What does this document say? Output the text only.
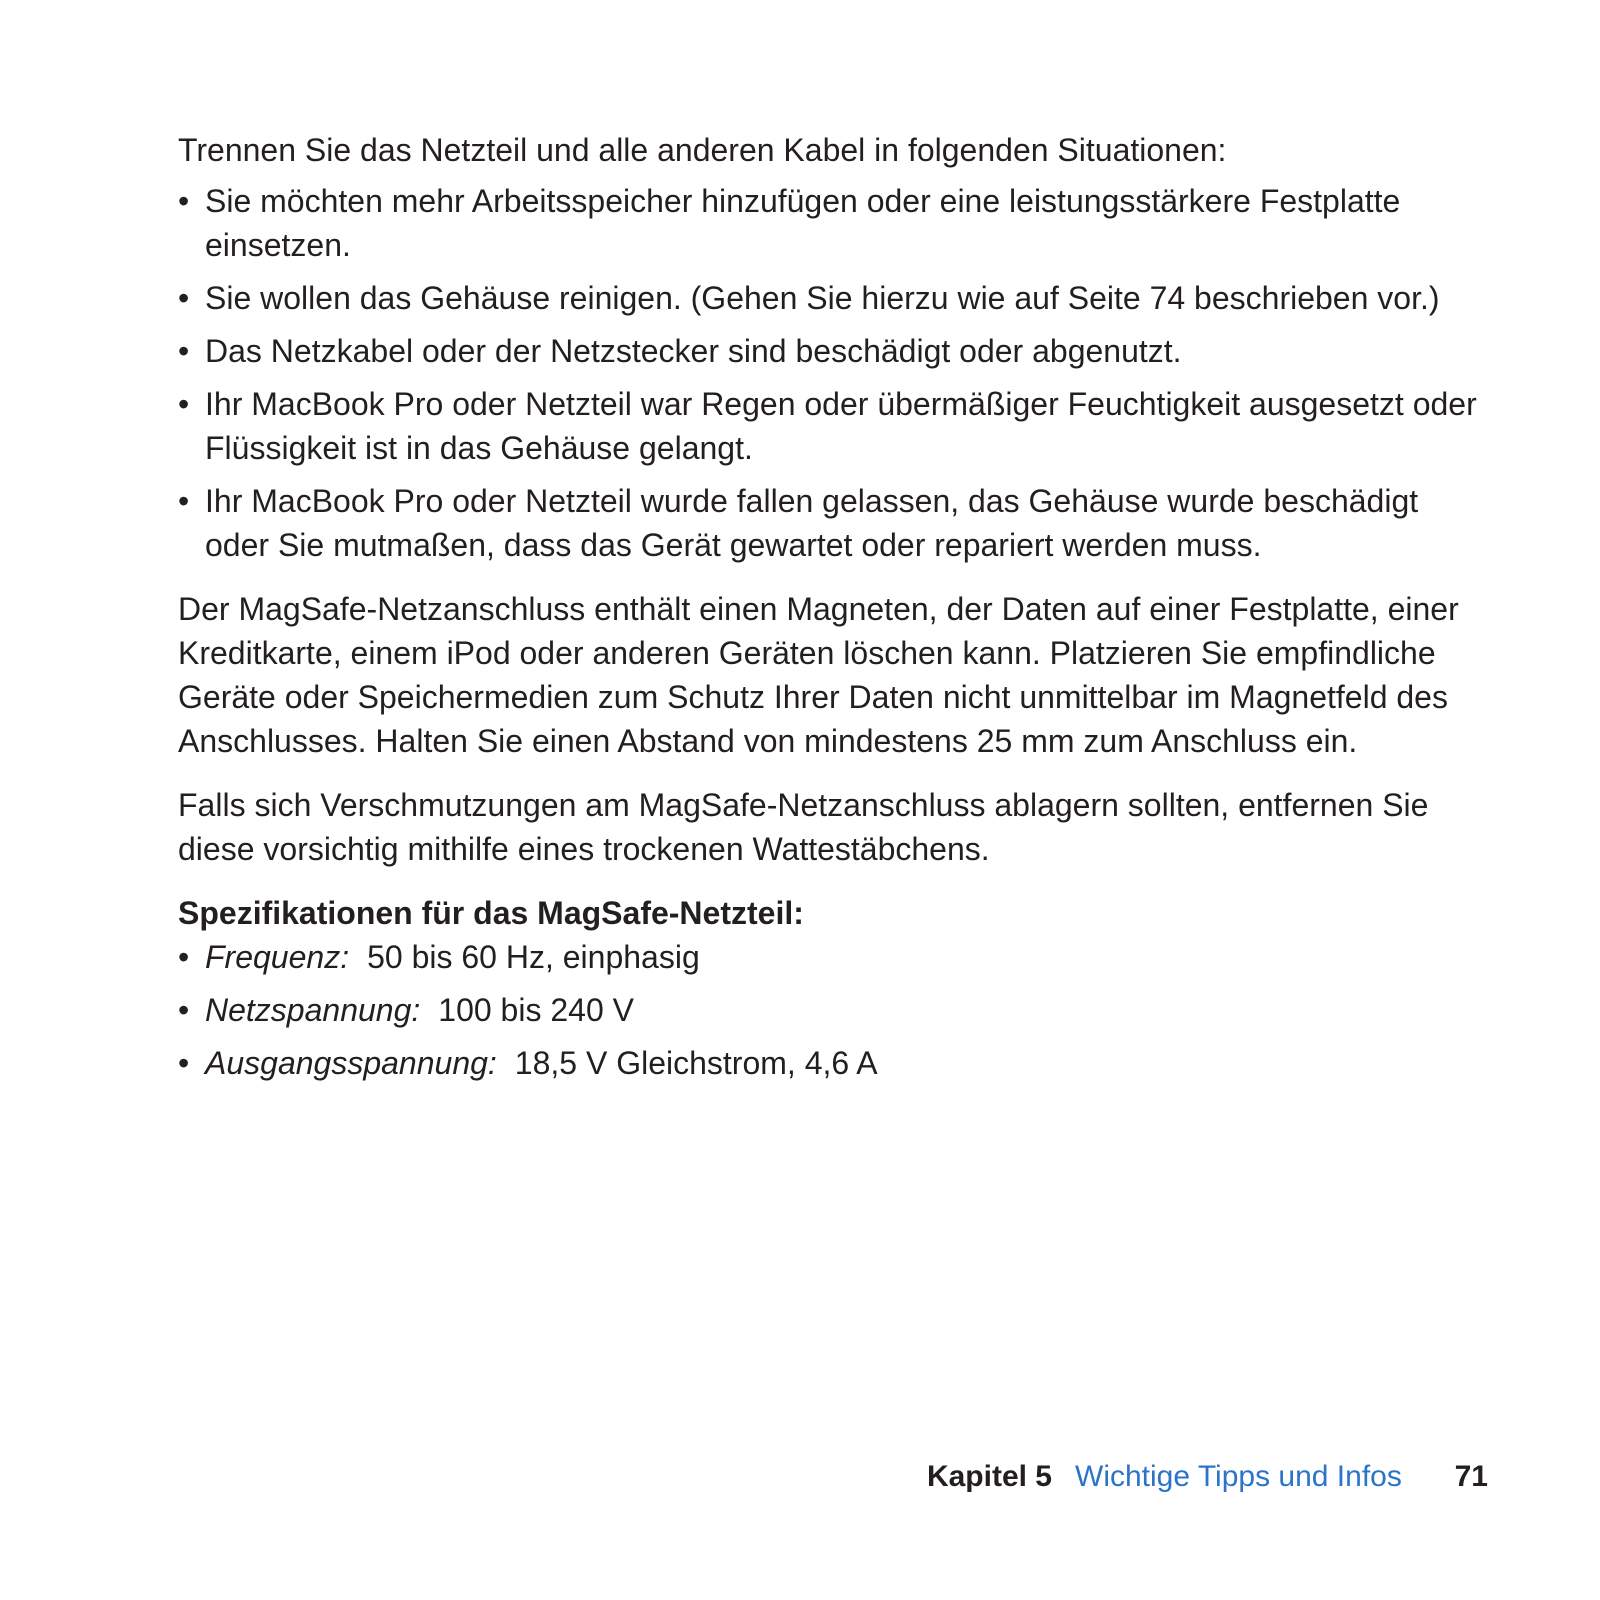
Trennen Sie das Netzteil und alle anderen Kabel in folgenden Situationen:

• Sie möchten mehr Arbeitsspeicher hinzufügen oder eine leistungsstärkere Festplatte einsetzen.
• Sie wollen das Gehäuse reinigen. (Gehen Sie hierzu wie auf Seite 74 beschrieben vor.)
• Das Netzkabel oder der Netzstecker sind beschädigt oder abgenutzt.
• Ihr MacBook Pro oder Netzteil war Regen oder übermäßiger Feuchtigkeit ausgesetzt oder Flüssigkeit ist in das Gehäuse gelangt.
• Ihr MacBook Pro oder Netzteil wurde fallen gelassen, das Gehäuse wurde beschädigt oder Sie mutmaßen, dass das Gerät gewartet oder repariert werden muss.

Der MagSafe-Netzanschluss enthält einen Magneten, der Daten auf einer Festplatte, einer Kreditkarte, einem iPod oder anderen Geräten löschen kann. Platzieren Sie empfindliche Geräte oder Speichermedien zum Schutz Ihrer Daten nicht unmittelbar im Magnetfeld des Anschlusses. Halten Sie einen Abstand von mindestens 25 mm zum Anschluss ein.

Falls sich Verschmutzungen am MagSafe-Netzanschluss ablagern sollten, entfernen Sie diese vorsichtig mithilfe eines trockenen Wattestäbchens.

Spezifikationen für das MagSafe-Netzteil:

• Frequenz: 50 bis 60 Hz, einphasig
• Netzspannung: 100 bis 240 V
• Ausgangsspannung: 18,5 V Gleichstrom, 4,6 A
Kapitel 5 Wichtige Tipps und Infos 71
